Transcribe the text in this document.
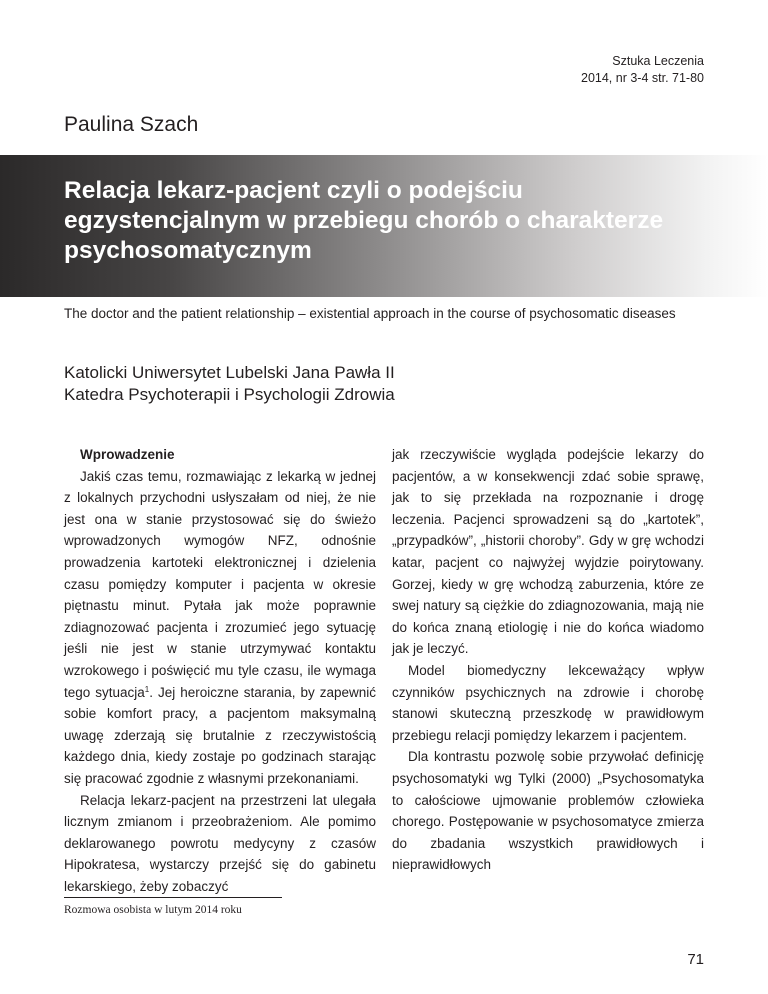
Sztuka Leczenia
2014, nr 3-4 str. 71-80
Paulina Szach
Relacja lekarz-pacjent czyli o podejściu egzystencjalnym w przebiegu chorób o charakterze psychosomatycznym
The doctor and the patient relationship – existential approach in the course of psychosomatic diseases
Katolicki Uniwersytet Lubelski Jana Pawła II
Katedra Psychoterapii i Psychologii Zdrowia
Wprowadzenie

Jakiś czas temu, rozmawiając z lekarką w jednej z lokalnych przychodni usłyszałam od niej, że nie jest ona w stanie przystosować się do świeżo wprowadzonych wymogów NFZ, odnośnie prowadzenia kartoteki elektronicznej i dzielenia czasu pomiędzy komputer i pacjenta w okresie piętnastu minut. Pytała jak może poprawnie zdiagnozować pacjenta i zrozumieć jego sytuację jeśli nie jest w stanie utrzymywać kontaktu wzrokowego i poświęcić mu tyle czasu, ile wymaga tego sytuacja$^1$. Jej heroiczne starania, by zapewnić sobie komfort pracy, a pacjentom maksymalną uwagę zderzają się brutalnie z rzeczywistością każdego dnia, kiedy zostaje po godzinach starając się pracować zgodnie z własnymi przekonaniami.

Relacja lekarz-pacjent na przestrzeni lat ulegała licznym zmianom i przeobrażeniom. Ale pomimo deklarowanego powrotu medycyny z czasów Hipokratesa, wystarczy przejść się do gabinetu lekarskiego, żeby zobaczyć

jak rzeczywiście wygląda podejście lekarzy do pacjentów, a w konsekwencji zdać sobie sprawę, jak to się przekłada na rozpoznanie i drogę leczenia. Pacjenci sprowadzeni są do „kartotek”, „przypadków”, „historii choroby”. Gdy w grę wchodzi katar, pacjent co najwyżej wyjdzie poirytowany. Gorzej, kiedy w grę wchodzą zaburzenia, które ze swej natury są ciężkie do zdiagnozowania, mają nie do końca znaną etiologię i nie do końca wiadomo jak je leczyć.

Model biomedyczny lekceważący wpływ czynników psychicznych na zdrowie i chorobę stanowi skuteczną przeszkodę w prawidłowym przebiegu relacji pomiędzy lekarzem i pacjentem.

Dla kontrastu pozwolę sobie przywołać definicję psychosomatyki wg Tylki (2000) „Psychosomatyka to całościowe ujmowanie problemów człowieka chorego. Postępowanie w psychosomatyce zmierza do zbadania wszystkich prawidłowych i nieprawidłowych

Rozmowa osobista w lutym 2014 roku
71
